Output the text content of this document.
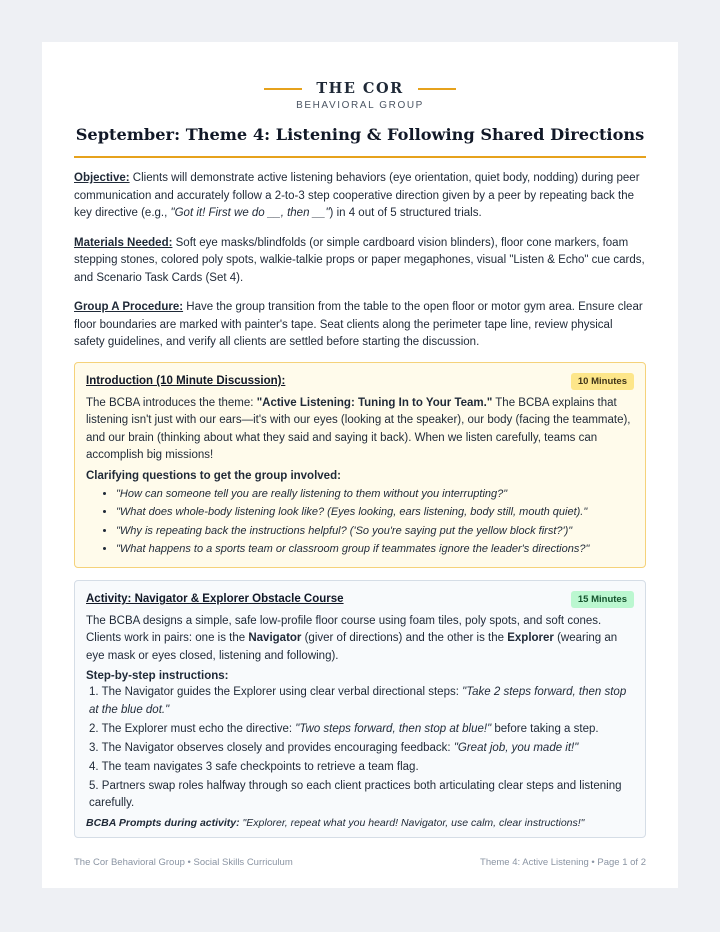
THE COR
BEHAVIORAL GROUP
September: Theme 4: Listening & Following Shared Directions

Objective: Clients will demonstrate active listening behaviors (eye orientation, quiet body, nodding) during peer communication and accurately follow a 2-to-3 step cooperative direction given by a peer by repeating back the key directive (e.g., "Got it! First we do __, then __") in 4 out of 5 structured trials.

Materials Needed: Soft eye masks/blindfolds (or simple cardboard vision blinders), floor cone markers, foam stepping stones, colored poly spots, walkie-talkie props or paper megaphones, visual "Listen & Echo" cue cards, and Scenario Task Cards (Set 4).

Group A Procedure: Have the group transition from the table to the open floor or motor gym area. Ensure clear floor boundaries are marked with painter's tape. Seat clients along the perimeter tape line, review physical safety guidelines, and verify all clients are settled before starting the discussion.

Introduction (10 Minute Discussion):	10 Minutes

The BCBA introduces the theme: "Active Listening: Tuning In to Your Team." The BCBA explains that listening isn't just with our ears—it's with our eyes (looking at the speaker), our body (facing the teammate), and our brain (thinking about what they said and saying it back). When we listen carefully, teams can accomplish big missions!

Clarifying questions to get the group involved:
• "How can someone tell you are really listening to them without you interrupting?"
• "What does whole-body listening look like? (Eyes looking, ears listening, body still, mouth quiet)."
• "Why is repeating back the instructions helpful? ('So you're saying put the yellow block first?')"
• "What happens to a sports team or classroom group if teammates ignore the leader's directions?"
Activity: Navigator & Explorer Obstacle Course	15 Minutes

The BCBA designs a simple, safe low-profile floor course using foam tiles, poly spots, and soft cones. Clients work in pairs: one is the Navigator (giver of directions) and the other is the Explorer (wearing an eye mask or eyes closed, listening and following).

Step-by-step instructions:
1. The Navigator guides the Explorer using clear verbal directional steps: "Take 2 steps forward, then stop at the blue dot."
2. The Explorer must echo the directive: "Two steps forward, then stop at blue!" before taking a step.
3. The Navigator observes closely and provides encouraging feedback: "Great job, you made it!"
4. The team navigates 3 safe checkpoints to retrieve a team flag.
5. Partners swap roles halfway through so each client practices both articulating clear steps and listening carefully.
BCBA Prompts during activity: "Explorer, repeat what you heard! Navigator, use calm, clear instructions!"
The Cor Behavioral Group • Social Skills Curriculum	Theme 4: Active Listening • Page 1 of 2
